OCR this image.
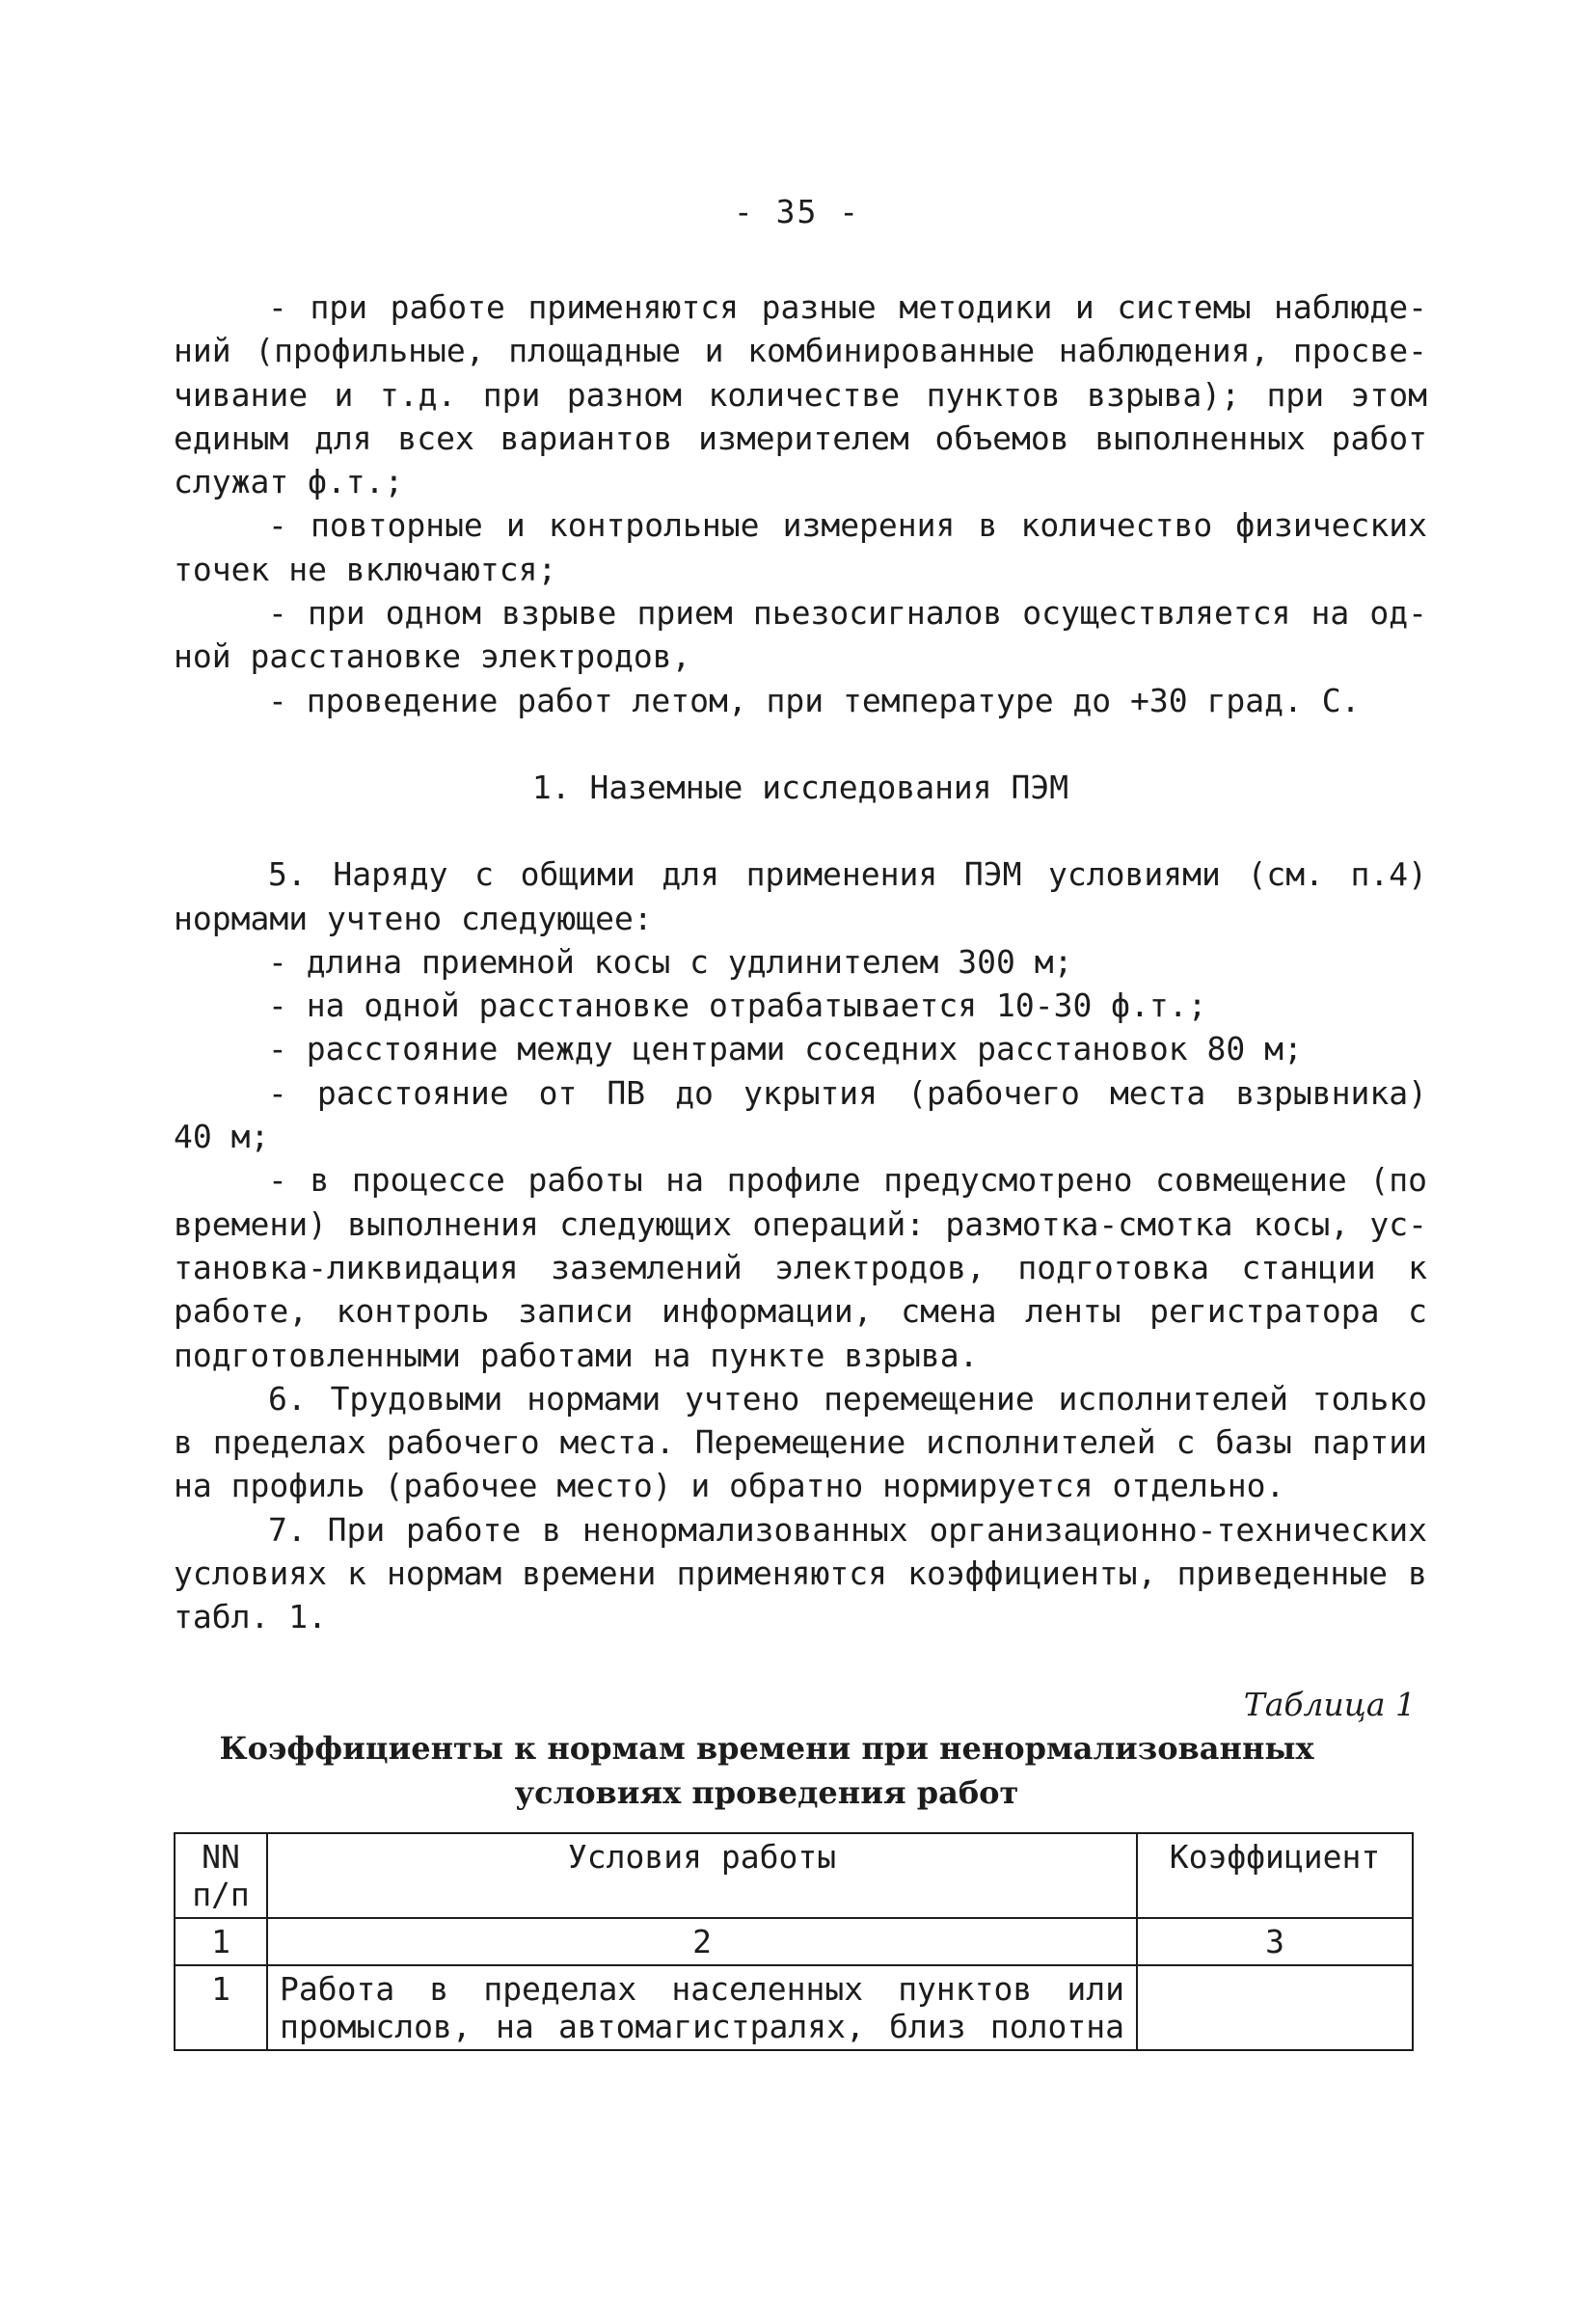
- 35 -
- при работе применяются разные методики и системы наблюде-
ний (профильные, площадные и комбинированные наблюдения, просве-
чивание и т.д. при разном количестве пунктов взрыва); при этом
единым для всех вариантов измерителем объемов выполненных работ
служат ф.т.;
- повторные и контрольные измерения в количество физических
точек не включаются;
- при одном взрыве прием пьезосигналов осуществляется на од-
ной расстановке электродов,
- проведение работ летом, при температуре до +30 град. С.
1. Наземные исследования ПЭМ
5. Наряду с общими для применения ПЭМ условиями (см. п.4)
нормами учтено следующее:
- длина приемной косы с удлинителем 300 м;
- на одной расстановке отрабатывается 10-30 ф.т.;
- расстояние между центрами соседних расстановок 80 м;
- расстояние от ПВ до укрытия (рабочего места взрывника)
40 м;
- в процессе работы на профиле предусмотрено совмещение (по
времени) выполнения следующих операций: размотка-смотка косы, ус-
тановка-ликвидация заземлений электродов, подготовка станции к
работе, контроль записи информации, смена ленты регистратора с
подготовленными работами на пункте взрыва.
6. Трудовыми нормами учтено перемещение исполнителей только
в пределах рабочего места. Перемещение исполнителей с базы партии
на профиль (рабочее место) и обратно нормируется отдельно.
7. При работе в ненормализованных организационно-технических
условиях к нормам времени применяются коэффициенты, приведенные в
табл. 1.
Таблица 1
Коэффициенты к нормам времени при ненормализованных
условиях проведения работ
NN
п/п	Условия работы	Коэффициент
1	2	3
1	Работа в пределах населенных пунктов или
промыслов, на автомагистралях, близ полотна	
